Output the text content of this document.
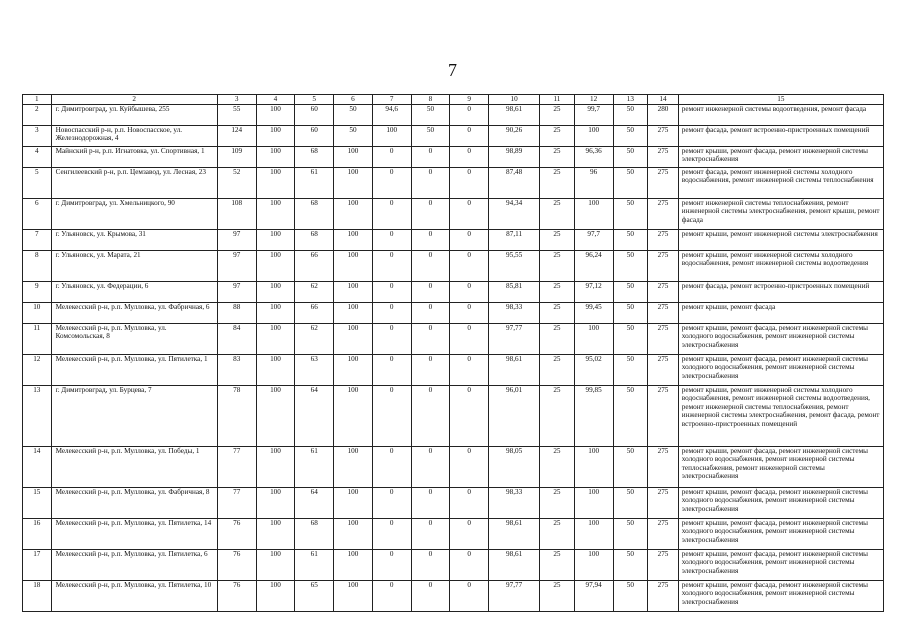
7
1	2	3	4	5	6	7	8	9	10	11	12	13	14	15
2	г. Димитровград, ул. Куйбышева, 255	55	100	60	50	94,6	50	0	98,61	25	99,7	50	280	ремонт инженерной системы водоотведения, ремонт фасада
3	Новоспасский р-н, р.п. Новоспасское, ул. Железнодорожная, 4	124	100	60	50	100	50	0	90,26	25	100	50	275	ремонт фасада, ремонт встроенно-пристроенных помещений
4	Майнский р-н, р.п. Игнатовка, ул. Спортивная, 1	109	100	68	100	0	0	0	98,89	25	96,36	50	275	ремонт крыши, ремонт фасада, ремонт инженерной системы электроснабжения
5	Сенгилеевский р-н, р.п. Цемзавод, ул. Лесная, 23	52	100	61	100	0	0	0	87,48	25	96	50	275	ремонт фасада, ремонт инженерной системы холодного водоснабжения, ремонт инженерной системы теплоснабжения
6	г. Димитровград, ул. Хмельницкого, 90	108	100	68	100	0	0	0	94,34	25	100	50	275	ремонт инженерной системы теплоснабжения, ремонт инженерной системы электроснабжения, ремонт крыши, ремонт фасада
7	г. Ульяновск, ул. Крымова, 31	97	100	68	100	0	0	0	87,11	25	97,7	50	275	ремонт крыши, ремонт инженерной системы электроснабжения
8	г. Ульяновск, ул. Марата, 21	97	100	66	100	0	0	0	95,55	25	96,24	50	275	ремонт крыши, ремонт инженерной системы холодного водоснабжения, ремонт инженерной системы водоотведения
9	г. Ульяновск, ул. Федерации, 6	97	100	62	100	0	0	0	85,81	25	97,12	50	275	ремонт фасада, ремонт встроенно-пристроенных помещений
10	Мелекесский р-н, р.п. Мулловка, ул. Фабричная, 6	88	100	66	100	0	0	0	98,33	25	99,45	50	275	ремонт крыши, ремонт фасада
11	Мелекесский р-н, р.п. Мулловка, ул. Комсомольская, 8	84	100	62	100	0	0	0	97,77	25	100	50	275	ремонт крыши, ремонт фасада, ремонт инженерной системы холодного водоснабжения, ремонт инженерной системы электроснабжения
12	Мелекесский р-н, р.п. Мулловка, ул. Пятилетка, 1	83	100	63	100	0	0	0	98,61	25	95,02	50	275	ремонт крыши, ремонт фасада, ремонт инженерной системы холодного водоснабжения, ремонт инженерной системы электроснабжения
13	г. Димитровград, ул. Бурцева, 7	78	100	64	100	0	0	0	96,01	25	99,85	50	275	ремонт крыши, ремонт инженерной системы холодного водоснабжения, ремонт инженерной системы водоотведения, ремонт инженерной системы теплоснабжения, ремонт инженерной системы электроснабжения, ремонт фасада, ремонт встроенно-пристроенных помещений
14	Мелекесский р-н, р.п. Мулловка, ул. Победы, 1	77	100	61	100	0	0	0	98,05	25	100	50	275	ремонт крыши, ремонт фасада, ремонт инженерной системы холодного водоснабжения, ремонт инженерной системы теплоснабжения, ремонт инженерной системы электроснабжения
15	Мелекесский р-н, р.п. Мулловка, ул. Фабричная, 8	77	100	64	100	0	0	0	98,33	25	100	50	275	ремонт крыши, ремонт фасада, ремонт инженерной системы холодного водоснабжения, ремонт инженерной системы электроснабжения
16	Мелекесский р-н, р.п. Мулловка, ул. Пятилетка, 14	76	100	68	100	0	0	0	98,61	25	100	50	275	ремонт крыши, ремонт фасада, ремонт инженерной системы холодного водоснабжения, ремонт инженерной системы электроснабжения
17	Мелекесский р-н, р.п. Мулловка, ул. Пятилетка, 6	76	100	61	100	0	0	0	98,61	25	100	50	275	ремонт крыши, ремонт фасада, ремонт инженерной системы холодного водоснабжения, ремонт инженерной системы электроснабжения
18	Мелекесский р-н, р.п. Мулловка, ул. Пятилетка, 10	76	100	65	100	0	0	0	97,77	25	97,94	50	275	ремонт крыши, ремонт фасада, ремонт инженерной системы холодного водоснабжения, ремонт инженерной системы электроснабжения
